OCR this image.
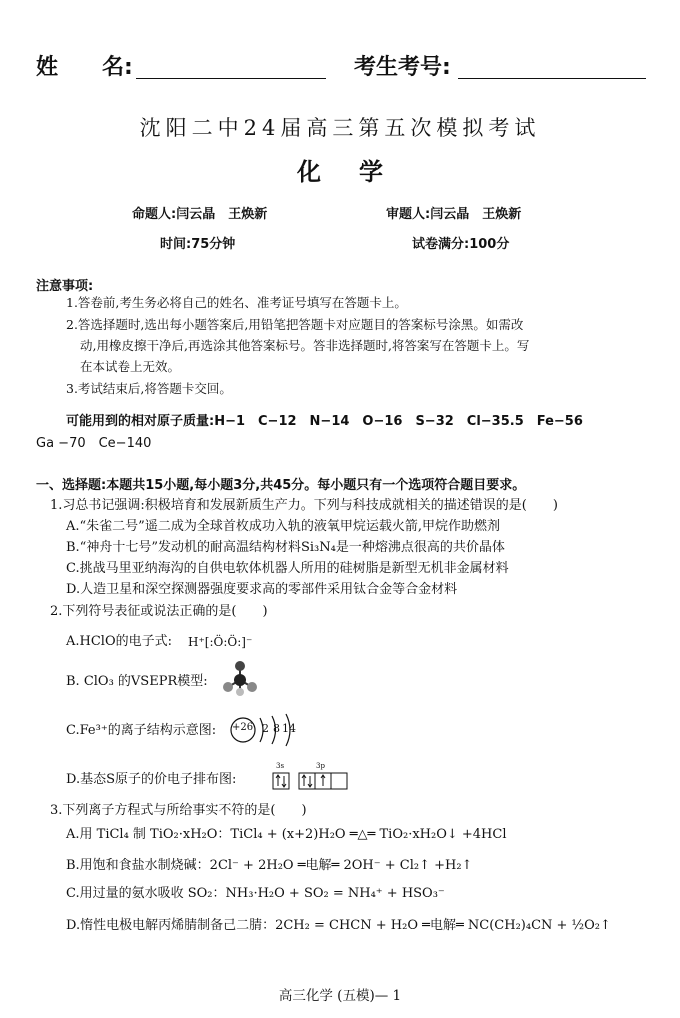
姓　　名:	考生考号:
沈阳二中24届高三第五次模拟考试
化学
命题人:闫云晶　王焕新	审题人:闫云晶　王焕新
时间:75分钟	试卷满分:100分
注意事项:
1.答卷前,考生务必将自己的姓名、准考证号填写在答题卡上。
2.答选择题时,选出每小题答案后,用铅笔把答题卡对应题目的答案标号涂黑。如需改
动,用橡皮擦干净后,再选涂其他答案标号。答非选择题时,将答案写在答题卡上。写
在本试卷上无效。
3.考试结束后,将答题卡交回。
可能用到的相对原子质量:H−1　C−12　N−14　O−16　S−32　Cl−35.5　Fe−56
Ga −70　Ce−140
一、选择题:本题共15小题,每小题3分,共45分。每小题只有一个选项符合题目要求。
1.习总书记强调:积极培育和发展新质生产力。下列与科技成就相关的描述错误的是(　　)
A.“朱雀二号”遥二成为全球首枚成功入轨的液氧甲烷运载火箭,甲烷作助燃剂
B.“神舟十七号”发动机的耐高温结构材料Si₃N₄是一种熔沸点很高的共价晶体
C.挑战马里亚纳海沟的自供电软体机器人所用的硅树脂是新型无机非金属材料
D.人造卫星和深空探测器强度要求高的零部件采用钛合金等合金材料
2.下列符号表征或说法正确的是(　　)
A.HClO的电子式: H⁺[:Ö:Ö:]⁻
B. ClO₃ 的VSEPR模型:
C.Fe³⁺的离子结构示意图: +26 2 8 14
D.基态S原子的价电子排布图:
3s	3p
3.下列离子方程式与所给事实不符的是(　　)
A.用 TiCl₄ 制 TiO₂·xH₂O：TiCl₄ + (x+2)H₂O ═△═ TiO₂·xH₂O↓ +4HCl
B.用饱和食盐水制烧碱：2Cl⁻ + 2H₂O ═电解═ 2OH⁻ + Cl₂↑ +H₂↑
C.用过量的氨水吸收 SO₂：NH₃·H₂O + SO₂ = NH₄⁺ + HSO₃⁻
D.惰性电极电解丙烯腈制备己二腈：2CH₂ = CHCN + H₂O ═电解═ NC(CH₂)₄CN + ½O₂↑
高三化学 (五模)— 1
